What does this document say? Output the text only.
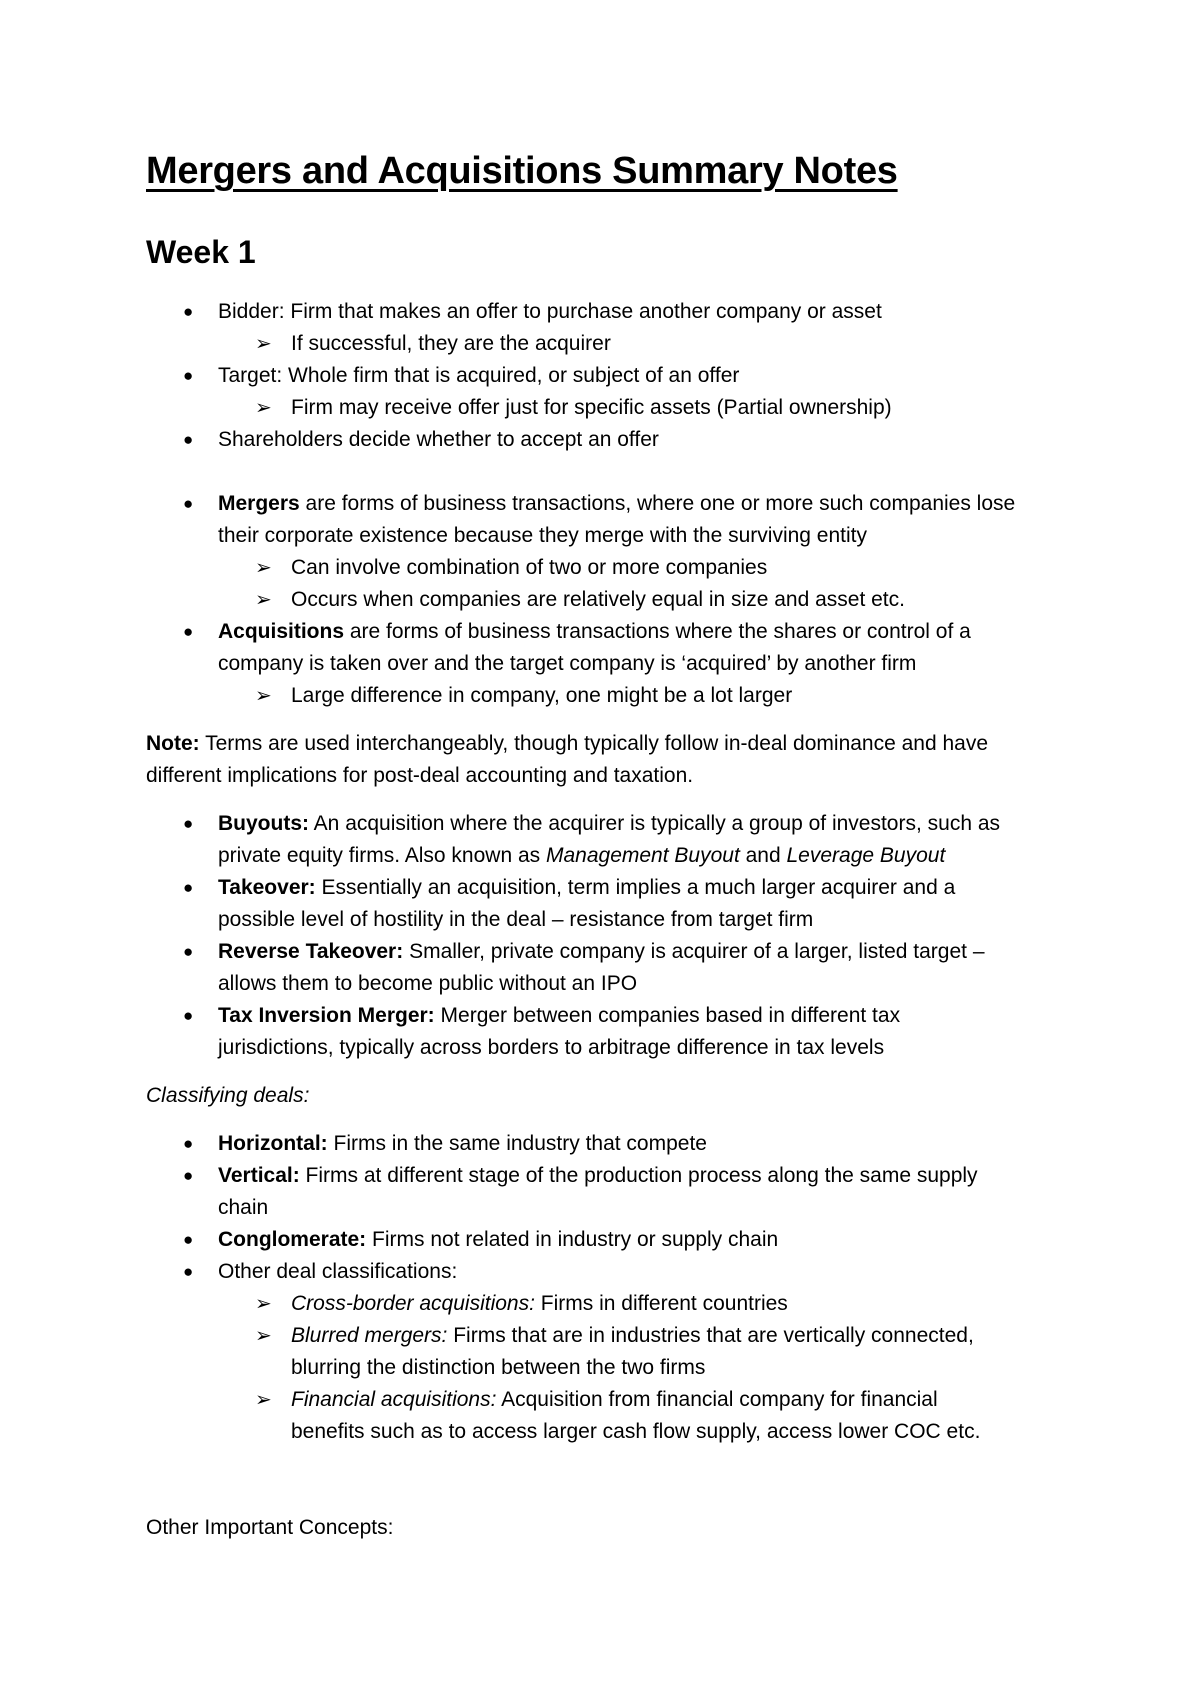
Mergers and Acquisitions Summary Notes
Week 1
● Bidder: Firm that makes an offer to purchase another company or asset
➢ If successful, they are the acquirer
● Target: Whole firm that is acquired, or subject of an offer
➢ Firm may receive offer just for specific assets (Partial ownership)
● Shareholders decide whether to accept an offer
● Mergers are forms of business transactions, where one or more such companies lose
their corporate existence because they merge with the surviving entity
➢ Can involve combination of two or more companies
➢ Occurs when companies are relatively equal in size and asset etc.
● Acquisitions are forms of business transactions where the shares or control of a
company is taken over and the target company is ‘acquired’ by another firm
➢ Large difference in company, one might be a lot larger
Note: Terms are used interchangeably, though typically follow in-deal dominance and have
different implications for post-deal accounting and taxation.
● Buyouts: An acquisition where the acquirer is typically a group of investors, such as
private equity firms. Also known as Management Buyout and Leverage Buyout
● Takeover: Essentially an acquisition, term implies a much larger acquirer and a
possible level of hostility in the deal – resistance from target firm
● Reverse Takeover: Smaller, private company is acquirer of a larger, listed target –
allows them to become public without an IPO
● Tax Inversion Merger: Merger between companies based in different tax
jurisdictions, typically across borders to arbitrage difference in tax levels
Classifying deals:
● Horizontal: Firms in the same industry that compete
● Vertical: Firms at different stage of the production process along the same supply
chain
● Conglomerate: Firms not related in industry or supply chain
● Other deal classifications:
➢ Cross-border acquisitions: Firms in different countries
➢ Blurred mergers: Firms that are in industries that are vertically connected,
blurring the distinction between the two firms
➢ Financial acquisitions: Acquisition from financial company for financial
benefits such as to access larger cash flow supply, access lower COC etc.
Other Important Concepts:
